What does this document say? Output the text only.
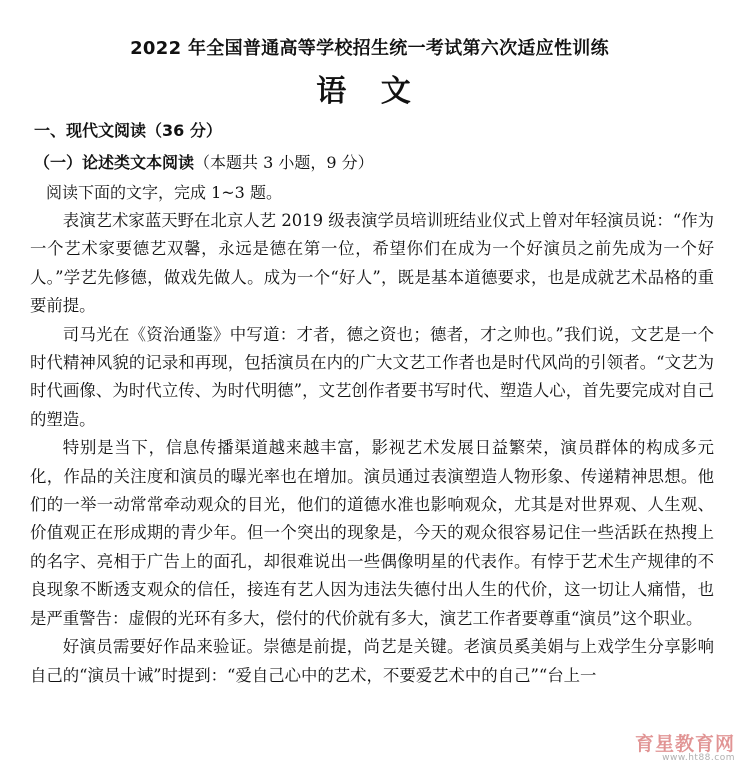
2022 年全国普通高等学校招生统一考试第六次适应性训练
语 文
一、现代文阅读（36 分）
（一）论述类文本阅读（本题共 3 小题，9 分）
阅读下面的文字，完成 1~3 题。

表演艺术家蓝天野在北京人艺 2019 级表演学员培训班结业仪式上曾对年轻演员说：“作为一个艺术家要德艺双馨，永远是德在第一位，希望你们在成为一个好演员之前先成为一个好人。”学艺先修德，做戏先做人。成为一个“好人”，既是基本道德要求，也是成就艺术品格的重要前提。

司马光在《资治通鉴》中写道：才者，德之资也；德者，才之帅也。”我们说，文艺是一个时代精神风貌的记录和再现，包括演员在内的广大文艺工作者也是时代风尚的引领者。“文艺为时代画像、为时代立传、为时代明德”，文艺创作者要书写时代、塑造人心，首先要完成对自己的塑造。

特别是当下，信息传播渠道越来越丰富，影视艺术发展日益繁荣，演员群体的构成多元化，作品的关注度和演员的曝光率也在增加。演员通过表演塑造人物形象、传递精神思想。他们的一举一动常常牵动观众的目光，他们的道德水准也影响观众，尤其是对世界观、人生观、价值观正在形成期的青少年。但一个突出的现象是，今天的观众很容易记住一些活跃在热搜上的名字、亮相于广告上的面孔，却很难说出一些偶像明星的代表作。有悖于艺术生产规律的不良现象不断透支观众的信任，接连有艺人因为违法失德付出人生的代价，这一切让人痛惜，也是严重警告：虚假的光环有多大，偿付的代价就有多大，演艺工作者要尊重“演员”这个职业。

好演员需要好作品来验证。崇德是前提，尚艺是关键。老演员奚美娟与上戏学生分享影响自己的“演员十诫”时提到：“爱自己心中的艺术，不要爱艺术中的自己”“台上一

育星教育网
www.ht88.com
